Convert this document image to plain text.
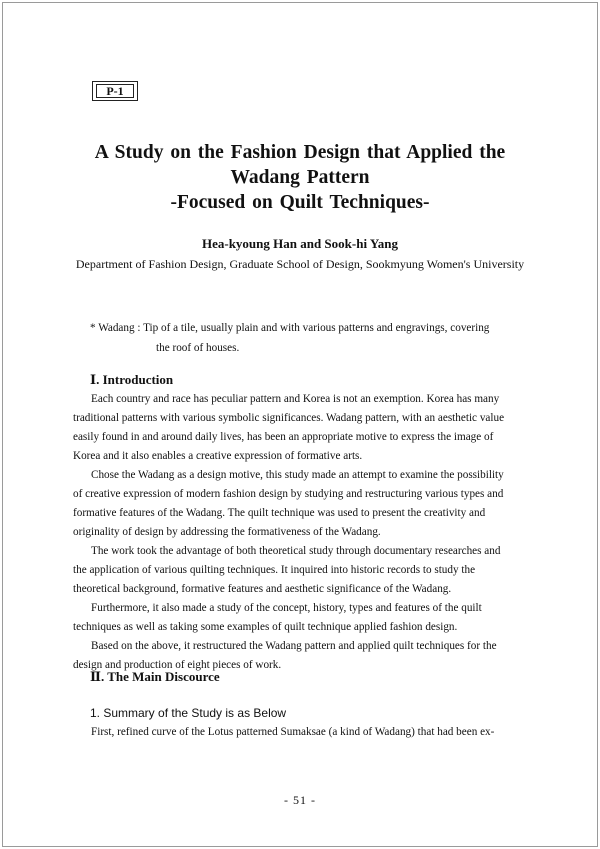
P-1
A Study on the Fashion Design that Applied the
Wadang Pattern
-Focused on Quilt Techniques-
Hea-kyoung Han and Sook-hi Yang
Department of Fashion Design, Graduate School of Design, Sookmyung Women's University
* Wadang : Tip of a tile, usually plain and with various patterns and engravings, covering
the roof of houses.
Ⅰ. Introduction
Each country and race has peculiar pattern and Korea is not an exemption. Korea has many
traditional patterns with various symbolic significances. Wadang pattern, with an aesthetic value
easily found in and around daily lives, has been an appropriate motive to express the image of
Korea and it also enables a creative expression of formative arts.
Chose the Wadang as a design motive, this study made an attempt to examine the possibility
of creative expression of modern fashion design by studying and restructuring various types and
formative features of the Wadang. The quilt technique was used to present the creativity and
originality of design by addressing the formativeness of the Wadang.
The work took the advantage of both theoretical study through documentary researches and
the application of various quilting techniques. It inquired into historic records to study the
theoretical background, formative features and aesthetic significance of the Wadang.
Furthermore, it also made a study of the concept, history, types and features of the quilt
techniques as well as taking some examples of quilt technique applied fashion design.
Based on the above, it restructured the Wadang pattern and applied quilt techniques for the
design and production of eight pieces of work.
Ⅱ. The Main Discource
1. Summary of the Study is as Below
First, refined curve of the Lotus patterned Sumaksae (a kind of Wadang) that had been ex-
- 51 -
